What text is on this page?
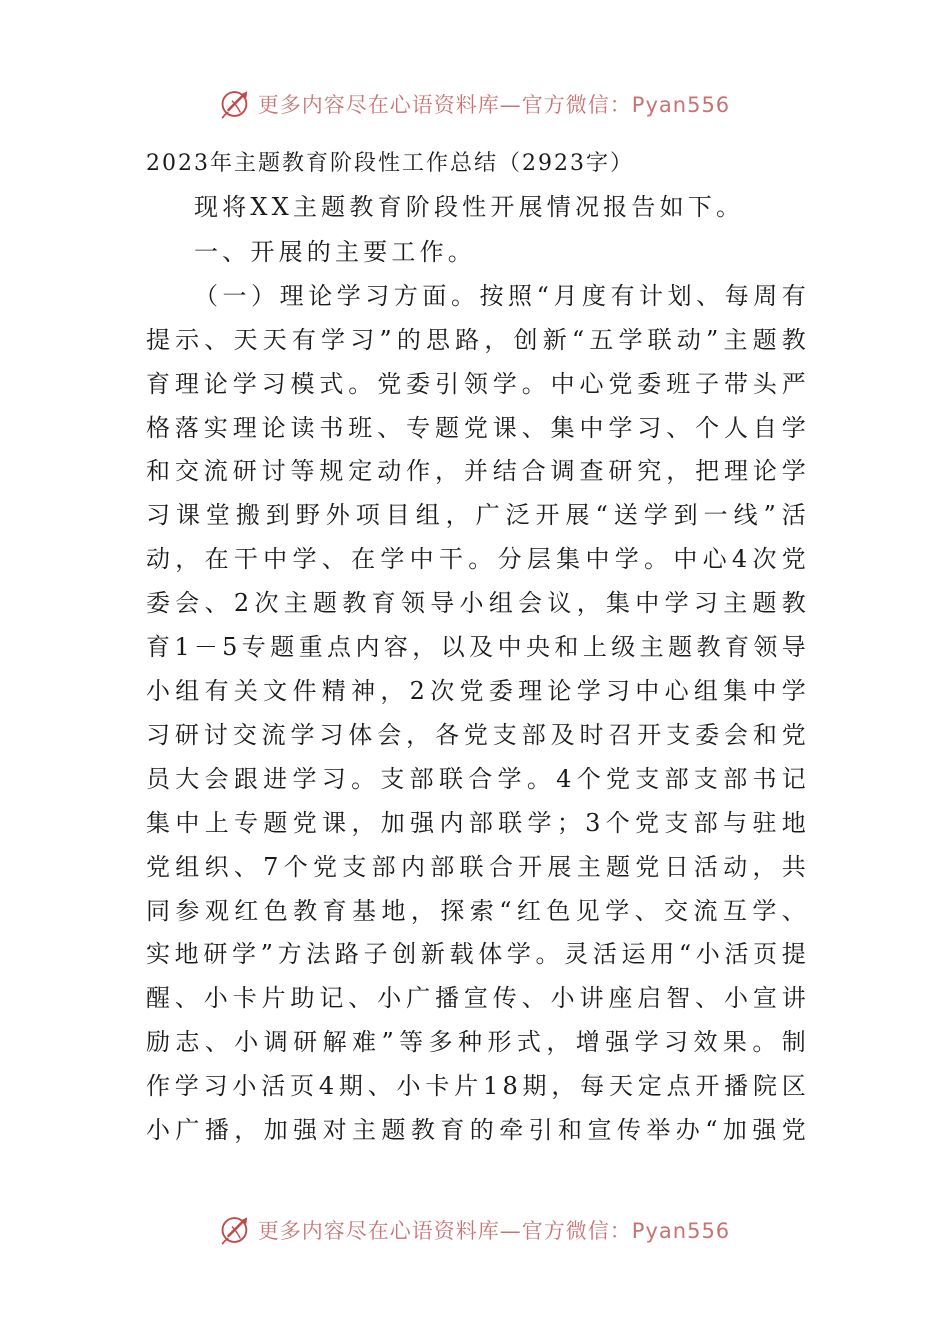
更多内容尽在心语资料库—官方微信：Pyan556

2023年主题教育阶段性工作总结（2923字）

现将XX主题教育阶段性开展情况报告如下。

一、开展的主要工作。

（一）理论学习方面。按照“月度有计划、每周有提示、天天有学习”的思路，创新“五学联动”主题教育理论学习模式。党委引领学。中心党委班子带头严格落实理论读书班、专题党课、集中学习、个人自学和交流研讨等规定动作，并结合调查研究，把理论学习课堂搬到野外项目组，广泛开展“送学到一线”活动，在干中学、在学中干。分层集中学。中心4次党委会、2次主题教育领导小组会议，集中学习主题教育1－5专题重点内容，以及中央和上级主题教育领导小组有关文件精神，2次党委理论学习中心组集中学习研讨交流学习体会，各党支部及时召开支委会和党员大会跟进学习。支部联合学。4个党支部支部书记集中上专题党课，加强内部联学；3个党支部与驻地党组织、7个党支部内部联合开展主题党日活动，共同参观红色教育基地，探索“红色见学、交流互学、实地研学”方法路子创新载体学。灵活运用“小活页提醒、小卡片助记、小广播宣传、小讲座启智、小宣讲励志、小调研解难”等多种形式，增强学习效果。制作学习小活页4期、小卡片18期，每天定点开播院区小广播，加强对主题教育的牵引和宣传举办“加强党

更多内容尽在心语资料库—官方微信：Pyan556
